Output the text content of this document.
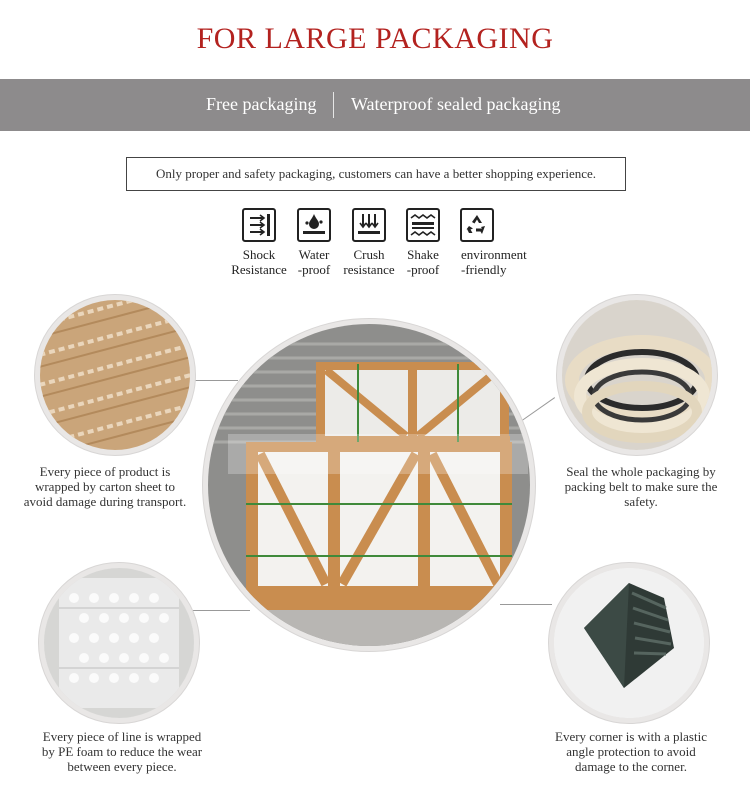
FOR LARGE PACKAGING
Free packaging Waterproof sealed packaging
Only proper and safety packaging, customers can have a better shopping experience.
Shock
Resistance
Water
-proof
Crush
resistance
Shake
-proof
environment
-friendly
Every piece of product is wrapped by carton sheet to avoid damage during transport.
Seal the whole packaging by packing belt to make sure the safety.
Every piece of line is wrapped by PE foam to reduce the wear between every piece.
Every corner is with a plastic angle protection to avoid damage to the corner.
